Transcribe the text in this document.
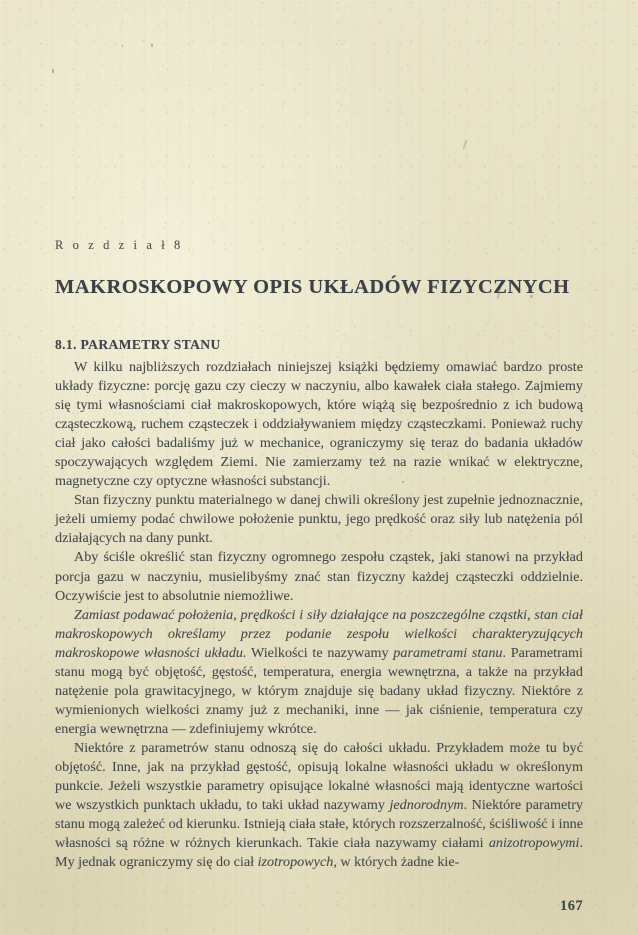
R o z d z i a ł 8
MAKROSKOPOWY OPIS UKŁADÓW FIZYCZNYCH
8.1. PARAMETRY STANU

W kilku najbliższych rozdziałach niniejszej książki będziemy omawiać bardzo proste układy fizyczne: porcję gazu czy cieczy w naczyniu, albo kawałek ciała stałego. Zajmiemy się tymi własnościami ciał makroskopowych, które wiążą się bezpośrednio z ich budową cząsteczkową, ruchem cząsteczek i oddziaływaniem między cząsteczkami. Ponieważ ruchy ciał jako całości badaliśmy już w mechanice, ograniczymy się teraz do badania układów spoczywających względem Ziemi. Nie zamierzamy też na razie wnikać w elektryczne, magnetyczne czy optyczne własności substancji.

Stan fizyczny punktu materialnego w danej chwili określony jest zupełnie jednoznacznie, jeżeli umiemy podać chwilowe położenie punktu, jego prędkość oraz siły lub natężenia pól działających na dany punkt.

Aby ściśle określić stan fizyczny ogromnego zespołu cząstek, jaki stanowi na przykład porcja gazu w naczyniu, musielibyśmy znać stan fizyczny każdej cząsteczki oddzielnie. Oczywiście jest to absolutnie niemożliwe.

Zamiast podawać położenia, prędkości i siły działające na poszczególne cząstki, stan ciał makroskopowych określamy przez podanie zespołu wielkości charakteryzujących makroskopowe własności układu. Wielkości te nazywamy parametrami stanu. Parametrami stanu mogą być objętość, gęstość, temperatura, energia wewnętrzna, a także na przykład natężenie pola grawitacyjnego, w którym znajduje się badany układ fizyczny. Niektóre z wymienionych wielkości znamy już z mechaniki, inne — jak ciśnienie, temperatura czy energia wewnętrzna — zdefiniujemy wkrótce.

Niektóre z parametrów stanu odnoszą się do całości układu. Przykładem może tu być objętość. Inne, jak na przykład gęstość, opisują lokalne własności układu w określonym punkcie. Jeżeli wszystkie parametry opisujące lokalne własności mają identyczne wartości we wszystkich punktach układu, to taki układ nazywamy jednorodnym. Niektóre parametry stanu mogą zależeć od kierunku. Istnieją ciała stałe, których rozszerzalność, ściśliwość i inne własności są różne w różnych kierunkach. Takie ciała nazywamy ciałami anizotropowymi. My jednak ograniczymy się do ciał izotropowych, w których żadne kie-

167
